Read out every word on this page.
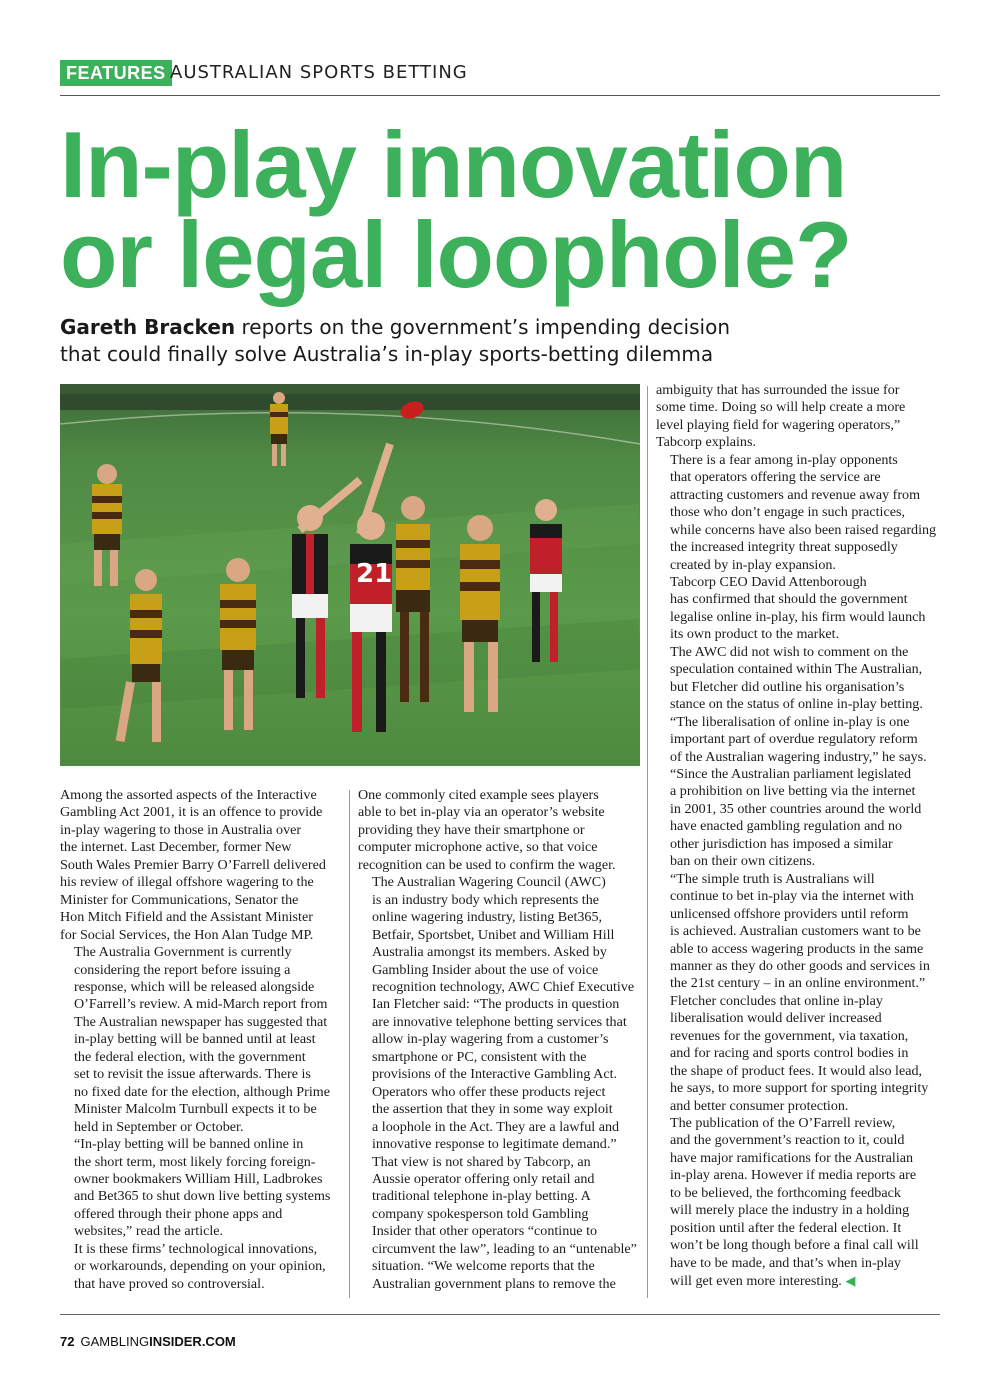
FEATURES AUSTRALIAN SPORTS BETTING
In-play innovation
or legal loophole?
Gareth Bracken reports on the government’s impending decision
that could finally solve Australia’s in-play sports-betting dilemma
21

Among the assorted aspects of the Interactive
Gambling Act 2001, it is an offence to provide
in-play wagering to those in Australia over
the internet. Last December, former New
South Wales Premier Barry O’Farrell delivered
his review of illegal offshore wagering to the
Minister for Communications, Senator the
Hon Mitch Fifield and the Assistant Minister
for Social Services, the Hon Alan Tudge MP.

The Australia Government is currently
considering the report before issuing a
response, which will be released alongside
O’Farrell’s review. A mid-March report from
The Australian newspaper has suggested that
in-play betting will be banned until at least
the federal election, with the government
set to revisit the issue afterwards. There is
no fixed date for the election, although Prime
Minister Malcolm Turnbull expects it to be
held in September or October.

“In-play betting will be banned online in
the short term, most likely forcing foreign-
owner bookmakers William Hill, Ladbrokes
and Bet365 to shut down live betting systems
offered through their phone apps and
websites,” read the article.

It is these firms’ technological innovations,
or workarounds, depending on your opinion,
that have proved so controversial.

One commonly cited example sees players
able to bet in-play via an operator’s website
providing they have their smartphone or
computer microphone active, so that voice
recognition can be used to confirm the wager.

The Australian Wagering Council (AWC)
is an industry body which represents the
online wagering industry, listing Bet365,
Betfair, Sportsbet, Unibet and William Hill
Australia amongst its members. Asked by
Gambling Insider about the use of voice
recognition technology, AWC Chief Executive
Ian Fletcher said: “The products in question
are innovative telephone betting services that
allow in-play wagering from a customer’s
smartphone or PC, consistent with the
provisions of the Interactive Gambling Act.
Operators who offer these products reject
the assertion that they in some way exploit
a loophole in the Act. They are a lawful and
innovative response to legitimate demand.”

That view is not shared by Tabcorp, an
Aussie operator offering only retail and
traditional telephone in-play betting. A
company spokesperson told Gambling
Insider that other operators “continue to
circumvent the law”, leading to an “untenable”
situation. “We welcome reports that the
Australian government plans to remove the

ambiguity that has surrounded the issue for
some time. Doing so will help create a more
level playing field for wagering operators,”
Tabcorp explains.

There is a fear among in-play opponents
that operators offering the service are
attracting customers and revenue away from
those who don’t engage in such practices,
while concerns have also been raised regarding
the increased integrity threat supposedly
created by in-play expansion.

Tabcorp CEO David Attenborough
has confirmed that should the government
legalise online in-play, his firm would launch
its own product to the market.

The AWC did not wish to comment on the
speculation contained within The Australian,
but Fletcher did outline his organisation’s
stance on the status of online in-play betting.

“The liberalisation of online in-play is one
important part of overdue regulatory reform
of the Australian wagering industry,” he says.
“Since the Australian parliament legislated
a prohibition on live betting via the internet
in 2001, 35 other countries around the world
have enacted gambling regulation and no
other jurisdiction has imposed a similar
ban on their own citizens.

“The simple truth is Australians will
continue to bet in-play via the internet with
unlicensed offshore providers until reform
is achieved. Australian customers want to be
able to access wagering products in the same
manner as they do other goods and services in
the 21st century – in an online environment.”

Fletcher concludes that online in-play
liberalisation would deliver increased
revenues for the government, via taxation,
and for racing and sports control bodies in
the shape of product fees. It would also lead,
he says, to more support for sporting integrity
and better consumer protection.

The publication of the O’Farrell review,
and the government’s reaction to it, could
have major ramifications for the Australian
in-play arena. However if media reports are
to be believed, the forthcoming feedback
will merely place the industry in a holding
position until after the federal election. It
won’t be long though before a final call will
have to be made, and that’s when in-play
will get even more interesting. ◀

72 GAMBLINGINSIDER.COM
